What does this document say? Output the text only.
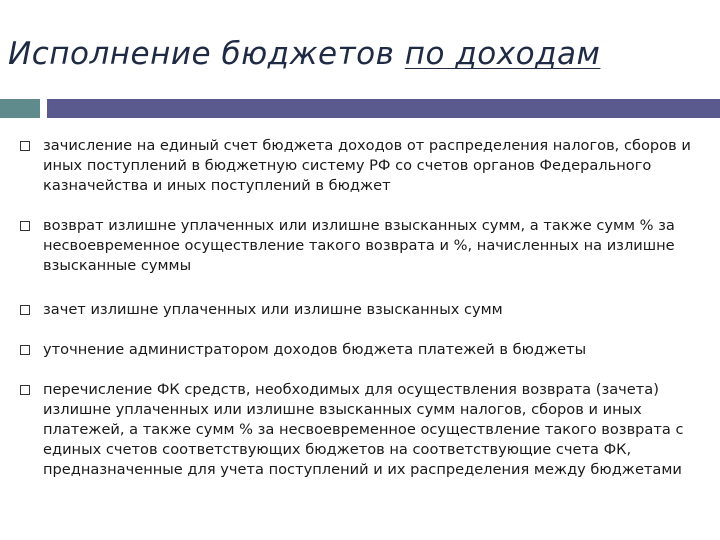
Исполнение бюджетов по доходам
зачисление на единый счет бюджета доходов от распределения налогов, сборов и иных поступлений в бюджетную систему РФ со счетов органов Федерального казначейства и иных поступлений в бюджет
возврат излишне уплаченных или излишне взысканных сумм, а также сумм % за несвоевременное осуществление такого возврата и %, начисленных на излишне взысканные суммы
зачет излишне уплаченных или излишне взысканных сумм
уточнение администратором доходов бюджета платежей в бюджеты
перечисление ФК средств, необходимых для осуществления возврата (зачета) излишне уплаченных или излишне взысканных сумм налогов, сборов и иных платежей, а также сумм % за несвоевременное осуществление такого возврата с единых счетов соответствующих бюджетов на соответствующие счета ФК, предназначенные для учета поступлений и их распределения между бюджетами
